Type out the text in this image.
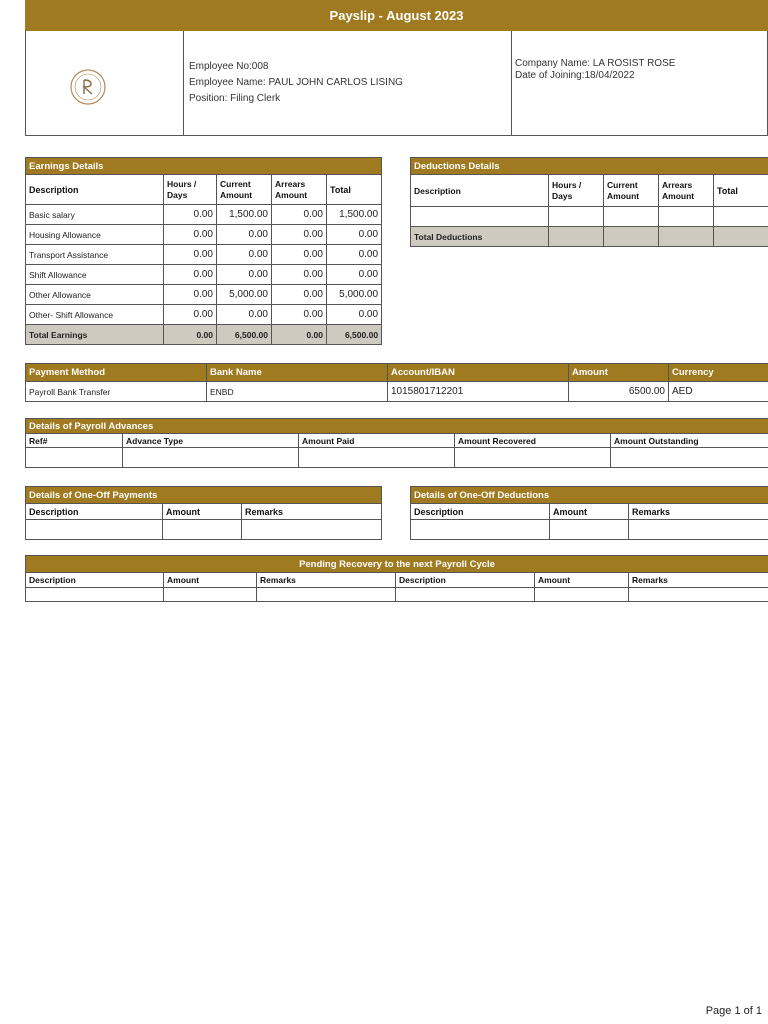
Payslip - August 2023
Employee No:008
Employee Name: PAUL JOHN CARLOS LISING
Position: Filing Clerk
Company Name: LA ROSIST ROSE
Date of Joining:18/04/2022
Earnings Details				
Description	Hours / Days	Current Amount	Arrears Amount	Total
Basic salary	0.00	1,500.00	0.00	1,500.00
Housing Allowance	0.00	0.00	0.00	0.00
Transport Assistance	0.00	0.00	0.00	0.00
Shift Allowance	0.00	0.00	0.00	0.00
Other Allowance	0.00	5,000.00	0.00	5,000.00
Other- Shift Allowance	0.00	0.00	0.00	0.00
Total Earnings	0.00	6,500.00	0.00	6,500.00
Deductions Details				
Description	Hours / Days	Current Amount	Arrears Amount	Total

Total Deductions				
Payment Method	Bank Name	Account/IBAN	Amount	Currency
Payroll Bank Transfer	ENBD	1015801712201	6500.00	AED
Details of Payroll Advances				
Ref#	Advance Type	Amount Paid	Amount Recovered	Amount Outstanding

Details of One-Off Payments		
Description	Amount	Remarks

Details of One-Off Deductions		
Description	Amount	Remarks

Pending Recovery to the next Payroll Cycle					
Description	Amount	Remarks	Description	Amount	Remarks

Page 1 of 1
